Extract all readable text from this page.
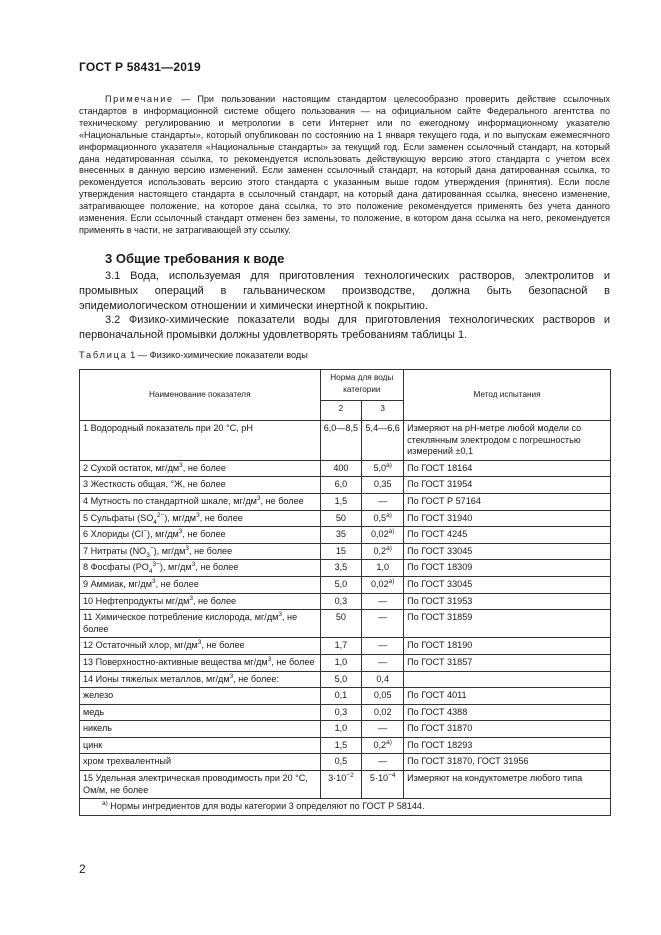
ГОСТ Р 58431—2019
Примечание — При пользовании настоящим стандартом целесообразно проверить действие ссылочных стандартов в информационной системе общего пользования — на официальном сайте Федерального агентства по техническому регулированию и метрологии в сети Интернет или по ежегодному информационному указателю «Национальные стандарты», который опубликован по состоянию на 1 января текущего года, и по выпускам ежемесячного информационного указателя «Национальные стандарты» за текущий год. Если заменен ссылочный стандарт, на который дана недатированная ссылка, то рекомендуется использовать действующую версию этого стандарта с учетом всех внесенных в данную версию изменений. Если заменен ссылочный стандарт, на который дана датированная ссылка, то рекомендуется использовать версию этого стандарта с указанным выше годом утверждения (принятия). Если после утверждения настоящего стандарта в ссылочный стандарт, на который дана датированная ссылка, внесено изменение, затрагивающее положение, на которое дана ссылка, то это положение рекомендуется применять без учета данного изменения. Если ссылочный стандарт отменен без замены, то положение, в котором дана ссылка на него, рекомендуется применять в части, не затрагивающей эту ссылку.
3 Общие требования к воде
3.1 Вода, используемая для приготовления технологических растворов, электролитов и промывных операций в гальваническом производстве, должна быть безопасной в эпидемиологическом отношении и химически инертной к покрытию.
3.2 Физико-химические показатели воды для приготовления технологических растворов и первоначальной промывки должны удовлетворять требованиям таблицы 1.
Таблица 1 — Физико-химические показатели воды
Наименование показателя	Норма для воды категории		Метод испытания
	2	3	
1 Водородный показатель при 20 °C, pH	6,0—8,5	5,4—6,6	Измеряют на pH-метре любой модели со стеклянным электродом с погрешностью измерений ±0,1
2 Сухой остаток, $мг/дм^3$, не более	400	$5,0^{а)}$	По ГОСТ 18164
3 Жесткость общая, °Ж, не более	6,0	0,35	По ГОСТ 31954
4 Мутность по стандартной шкале, $мг/дм^3$, не более	1,5	—	По ГОСТ Р 57164
5 Сульфаты $(SO_4^{2-})$, $мг/дм^3$, не более	50	$0,5^{а)}$	По ГОСТ 31940
6 Хлориды (Cl−), $мг/дм^3$, не более	35	$0,02^{а)}$	По ГОСТ 4245
7 Нитраты $(NO_3^-)$, $мг/дм^3$, не более	15	$0,2^{а)}$	По ГОСТ 33045
8 Фосфаты $(PO_4^{3-})$, $мг/дм^3$, не более	3,5	1,0	По ГОСТ 18309
9 Аммиак, $мг/дм^3$, не более	5,0	$0,02^{а)}$	По ГОСТ 33045
10 Нефтепродукты $мг/дм^3$, не более	0,3	—	По ГОСТ 31953
11 Химическое потребление кислорода, $мг/дм^3$, не более	50	—	По ГОСТ 31859
12 Остаточный хлор, $мг/дм^3$, не более	1,7	—	По ГОСТ 18190
13 Поверхностно-активные вещества $мг/дм^3$, не более	1,0	—	По ГОСТ 31857
14 Ионы тяжелых металлов, $мг/дм^3$, не более:	5,0	0,4	
железо	0,1	0,05	По ГОСТ 4011
медь	0,3	0,02	По ГОСТ 4388
никель	1,0	—	По ГОСТ 31870
цинк	1,5	$0,2^{а)}$	По ГОСТ 18293
хром трехвалентный	0,5	—	По ГОСТ 31870, ГОСТ 31956
15 Удельная электрическая проводимость при 20 °C, Ом/м, не более	$3\cdot 10^{-2}$	$5\cdot 10^{-4}$	Измеряют на кондуктометре любого типа
$^{а)}$ Нормы ингредиентов для воды категории 3 определяют по ГОСТ Р 58144.			
2
